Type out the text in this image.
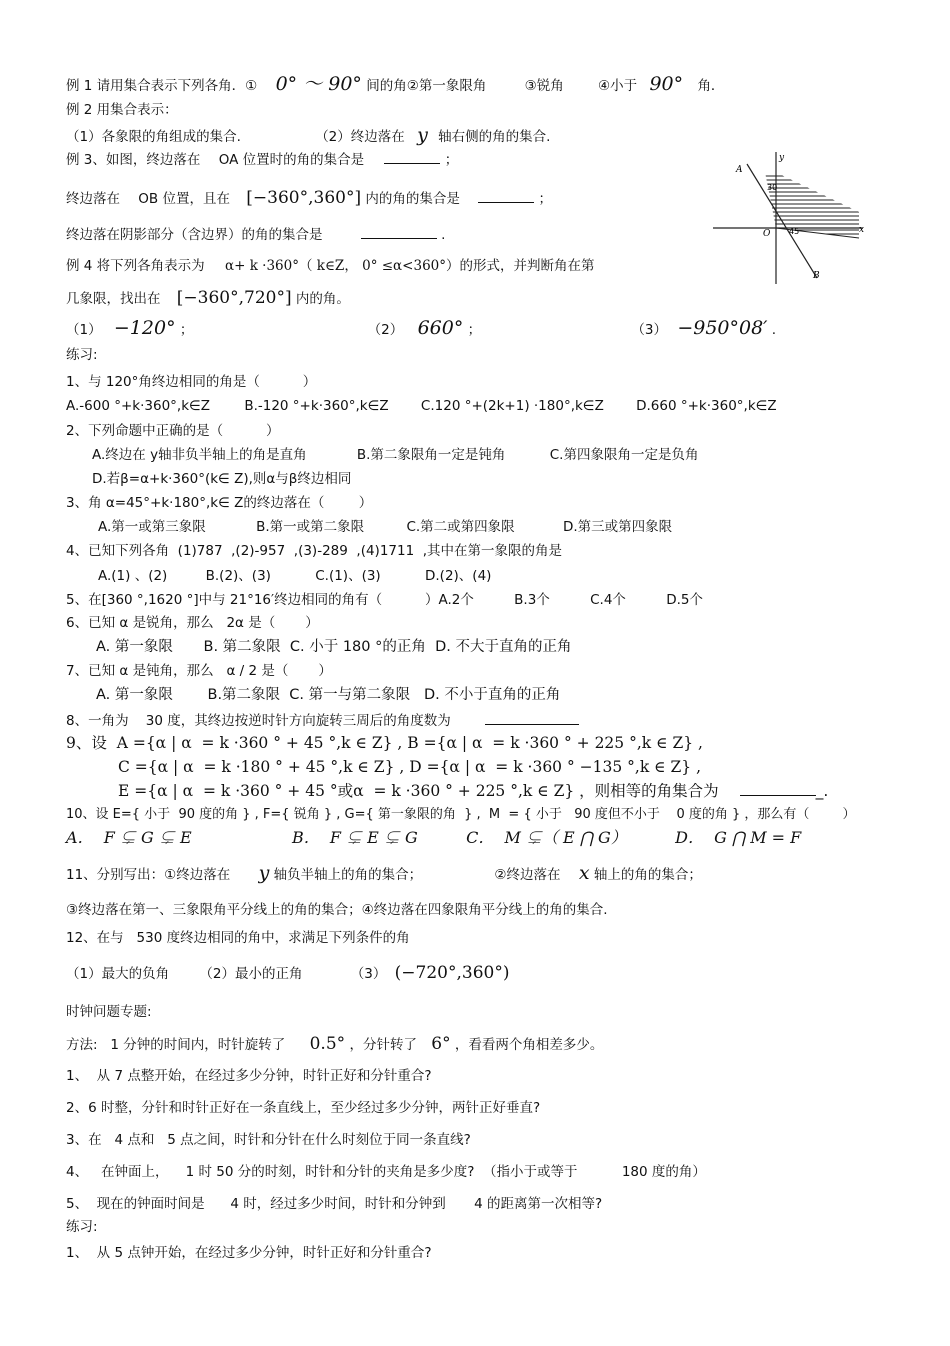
例 1 请用集合表示下列各角．① 0° ～ 90° 间的角②第一象限角	③锐角	④小于 90° 角．
例 2 用集合表示：
（1）各象限的角组成的集合.	（2）终边落在 y 轴右侧的角的集合.
例 3、如图，终边落在 OA 位置时的角的集合是	；
终边落在 OB 位置，且在 [−360°,360°] 内的角的集合是	；
终边落在阴影部分（含边界）的角的集合是	.
A
B
O	x
y
30
45
例 4 将下列各角表示为 α+ k ·360°（ k∈Z， 0° ≤α<360°）的形式，并判断角在第
几象限，找出在 [−360°,720°] 内的角。
（1） −120° ；	（2） 660° ；	（3） −950°08′ .
练习:
1、与 120°角终边相同的角是（          ）
A.-600 °+k·360°,k∈Z	B.-120 °+k·360°,k∈Z C.120 °+(2k+1) ·180°,k∈Z D.660 °+k·360°,k∈Z
2、下列命题中正确的是（          ）
A.终边在 y轴非负半轴上的角是直角	B.第二象限角一定是钝角	C.第四象限角一定是负角
D.若β=α+k·360°(k∈ Z),则α与β终边相同
3、角 α=45°+k·180°,k∈ Z的终边落在（        ）
A.第一或第三象限	B.第一或第二象限	C.第二或第四象限	D.第三或第四象限
4、已知下列各角  (1)787  ,(2)-957  ,(3)-289  ,(4)1711  ,其中在第一象限的角是
A.(1) 、(2)	B.(2)、(3)	C.(1)、(3)	D.(2)、(4)
5、在[360 °,1620 °]中与 21°16′终边相同的角有（          ）A.2个	B.3个	C.4个	D.5个
6、已知 α 是锐角，那么   2α 是（       ）
A. 第一象限 B. 第二象限  C. 小于 180 °的正角  D. 不大于直角的正角
7、已知 α 是钝角，那么   α / 2 是（       ）
A. 第一象限 B.第二象限  C. 第一与第二象限   D. 不小于直角的正角
8、一角为    30 度，其终边按逆时针方向旋转三周后的角度数为
9、设  A ={α | α  = k ·360 ° + 45 °,k ∈ Z} , B ={α | α  = k ·360 ° + 225 °,k ∈ Z} ,
C ={α | α  = k ·180 ° + 45 °,k ∈ Z} , D ={α | α  = k ·360 ° −135 °,k ∈ Z} ,
E ={α | α  = k ·360 ° + 45 °或α  = k ·360 ° + 225 °,k ∈ Z} ，则相等的角集合为	_.
10、设 E={ 小于  90 度的角 } , F={ 锐角 } , G={ 第一象限的角  } ,  M  = { 小于   90 度但不小于    0 度的角 } ，那么有（        ）
A．  F ⊊ G ⊊ E	B．  F ⊊ E ⊊ G	C．  M ⊊（ E ⋂ G）	D．  G ⋂ M = F
11、分别写出：①终边落在 y 轴负半轴上的角的集合；	②终边落在 x 轴上的角的集合；
③终边落在第一、三象限角平分线上的角的集合；④终边落在四象限角平分线上的角的集合.
12、在与   530 度终边相同的角中，求满足下列条件的角
（1）最大的负角 （2）最小的正角	（3） (−720°,360°)
时钟问题专题:
方法:   1 分钟的时间内，时针旋转了 0.5° ，分针转了 6° ，看看两个角相差多少。
1、  从 7 点整开始，在经过多少分钟，时针正好和分针重合?
2、6 时整，分针和时针正好在一条直线上，至少经过多少分钟，两针正好垂直?
3、在   4 点和   5 点之间，时针和分针在什么时刻位于同一条直线?
4、   在钟面上，    1 时 50 分的时刻，时针和分针的夹角是多少度?  （指小于或等于	180 度的角）
5、  现在的钟面时间是      4 时，经过多少时间，时针和分钟到 4 的距离第一次相等?
练习:
1、  从 5 点钟开始，在经过多少分钟，时针正好和分针重合?
